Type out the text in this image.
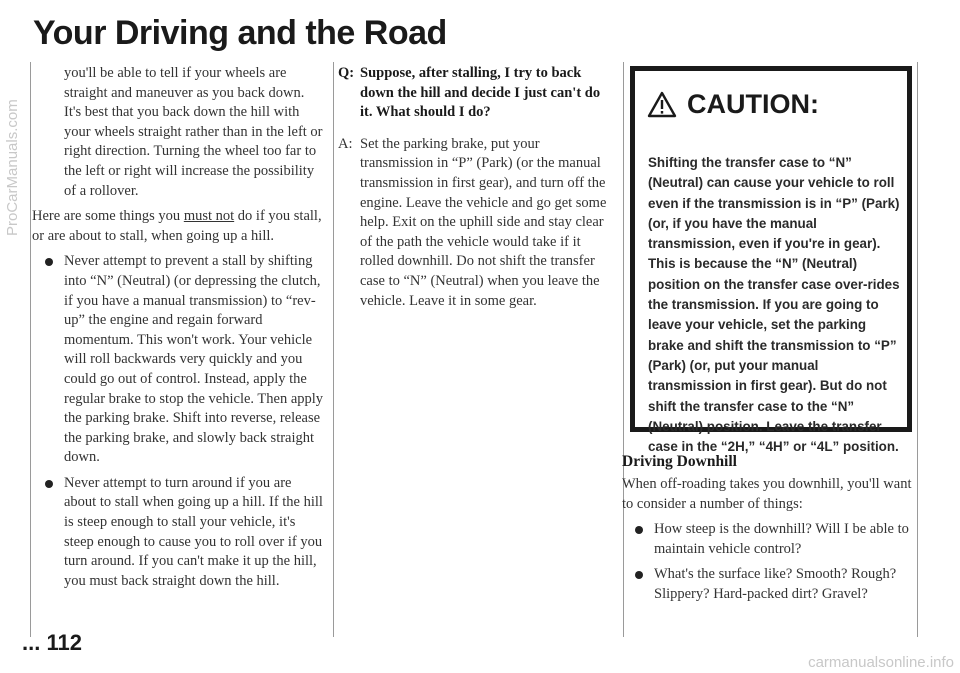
Your Driving and the Road
ProCarManuals.com

you'll be able to tell if your wheels are straight and maneuver as you back down. It's best that you back down the hill with your wheels straight rather than in the left or right direction. Turning the wheel too far to the left or right will increase the possibility of a rollover.

Here are some things you must not do if you stall, or are about to stall, when going up a hill.

Never attempt to prevent a stall by shifting into “N” (Neutral) (or depressing the clutch, if you have a manual transmission) to “rev-up” the engine and regain forward momentum. This won't work. Your vehicle will roll backwards very quickly and you could go out of control. Instead, apply the regular brake to stop the vehicle. Then apply the parking brake. Shift into reverse, release the parking brake, and slowly back straight down.
Never attempt to turn around if you are about to stall when going up a hill. If the hill is steep enough to stall your vehicle, it's steep enough to cause you to roll over if you turn around. If you can't make it up the hill, you must back straight down the hill.
Q: Suppose, after stalling, I try to back down the hill and decide I just can't do it. What should I do?
A: Set the parking brake, put your transmission in “P” (Park) (or the manual transmission in first gear), and turn off the engine. Leave the vehicle and go get some help. Exit on the uphill side and stay clear of the path the vehicle would take if it rolled downhill. Do not shift the transfer case to “N” (Neutral) when you leave the vehicle. Leave it in some gear.
CAUTION:

Shifting the transfer case to “N” (Neutral) can cause your vehicle to roll even if the transmission is in “P” (Park) (or, if you have the manual transmission, even if you're in gear). This is because the “N” (Neutral) position on the transfer case over-rides the transmission. If you are going to leave your vehicle, set the parking brake and shift the transmission to “P” (Park) (or, put your manual transmission in first gear). But do not shift the transfer case to the “N” (Neutral) position. Leave the transfer case in the “2H,” “4H” or “4L” position.

Driving Downhill

When off-roading takes you downhill, you'll want to consider a number of things:

How steep is the downhill? Will I be able to maintain vehicle control?
What's the surface like? Smooth? Rough? Slippery? Hard-packed dirt? Gravel?
... 112
carmanualsonline.info
